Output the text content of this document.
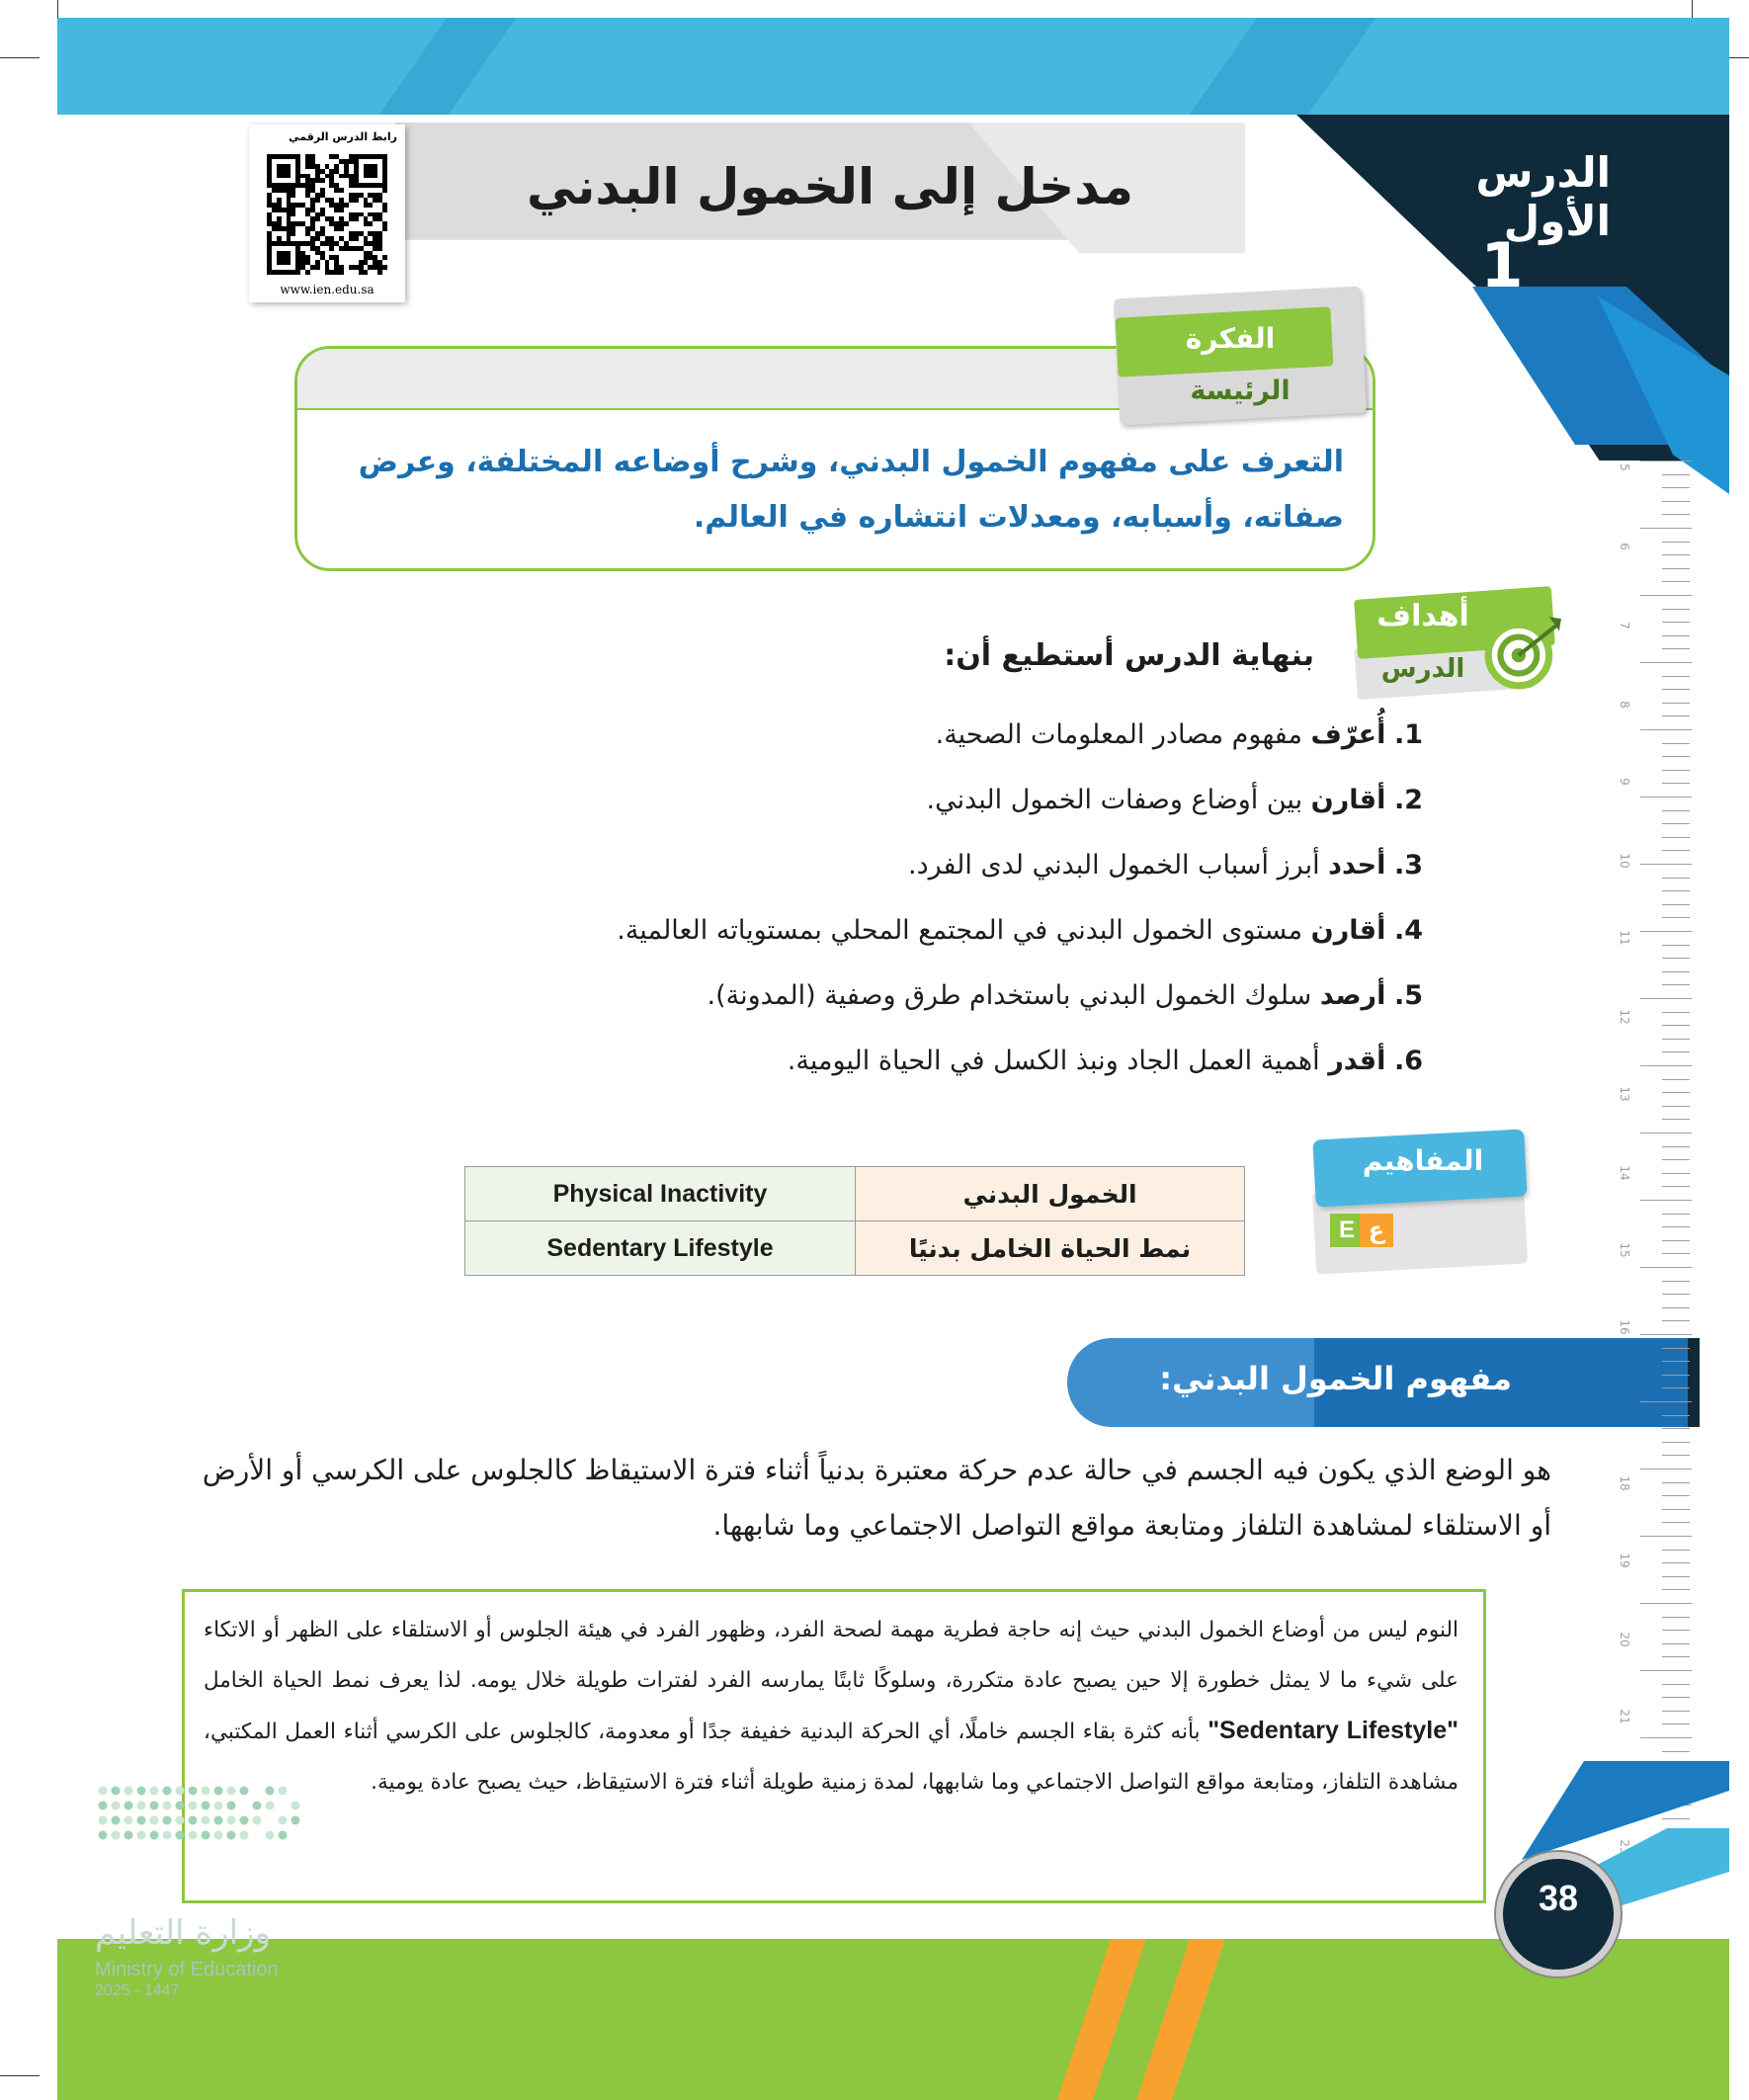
مدخل إلى الخمول البدني	الدرس الأول
1
رابط الدرس الرقمي
www.ien.edu.sa
الفكرة
الرئيسة
التعرف على مفهوم الخمول البدني، وشرح أوضاعه المختلفة، وعرض صفاته، وأسبابه، ومعدلات انتشاره في العالم.
أهداف
الدرس
بنهاية الدرس أستطيع أن:
1. أُعرّف مفهوم مصادر المعلومات الصحية.
2. أقارن بين أوضاع وصفات الخمول البدني.
3. أحدد أبرز أسباب الخمول البدني لدى الفرد.
4. أقارن مستوى الخمول البدني في المجتمع المحلي بمستوياته العالمية.
5. أرصد سلوك الخمول البدني باستخدام طرق وصفية (المدونة).
6. أقدر أهمية العمل الجاد ونبذ الكسل في الحياة اليومية.
المفاهيم
E ع
Physical Inactivity	الخمول البدني
Sedentary Lifestyle	نمط الحياة الخامل بدنيًا
مفهوم الخمول البدني:
هو الوضع الذي يكون فيه الجسم في حالة عدم حركة معتبرة بدنياً أثناء فترة الاستيقاظ كالجلوس على الكرسي أو الأرض أو الاستلقاء لمشاهدة التلفاز ومتابعة مواقع التواصل الاجتماعي وما شابهها.
النوم ليس من أوضاع الخمول البدني حيث إنه حاجة فطرية مهمة لصحة الفرد، وظهور الفرد في هيئة الجلوس أو الاستلقاء على الظهر أو الاتكاء على شيء ما لا يمثل خطورة إلا حين يصبح عادة متكررة، وسلوكًا ثابتًا يمارسه الفرد لفترات طويلة خلال يومه. لذا يعرف نمط الحياة الخامل "Sedentary Lifestyle" بأنه كثرة بقاء الجسم خاملًا، أي الحركة البدنية خفيفة جدًا أو معدومة، كالجلوس على الكرسي أثناء العمل المكتبي، مشاهدة التلفاز، ومتابعة مواقع التواصل الاجتماعي وما شابهها، لمدة زمنية طويلة أثناء فترة الاستيقاظ، حيث يصبح عادة يومية.
5
6
7
8
9
10
11
12
13
14
15
16
18
19
20
21
23
38
وزارة التعليم
Ministry of Education
2025 - 1447
